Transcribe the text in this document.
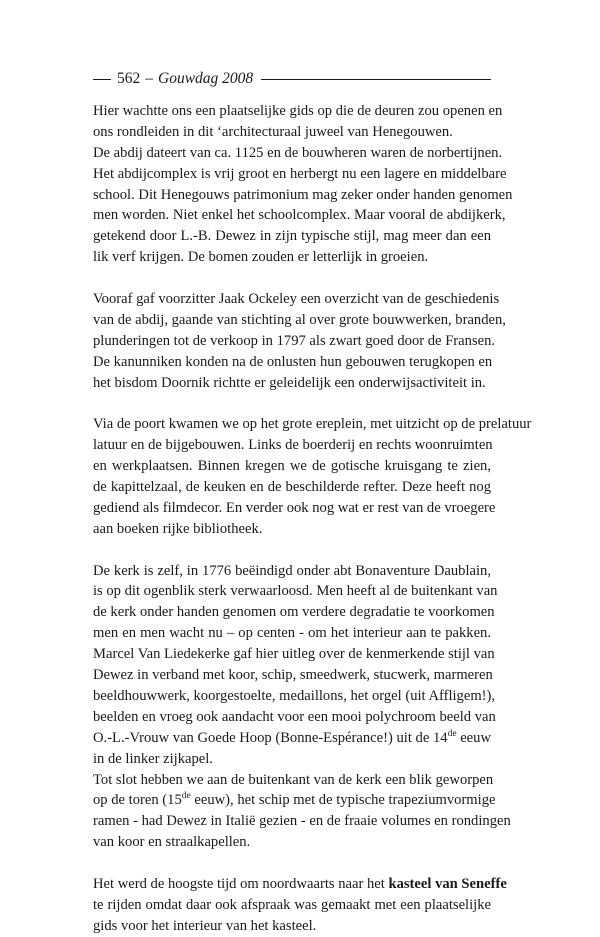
562 – Gouwdag 2008

Hier wachtte ons een plaatselijke gids op die de deuren zou openen en
ons rondleiden in dit ‘architecturaal juweel van Henegouwen.
De abdij dateert van ca. 1125 en de bouwheren waren de norbertijnen.
Het abdijcomplex is vrij groot en herbergt nu een lagere en middelbare
school. Dit Henegouws patrimonium mag zeker onder handen genomen
men worden. Niet enkel het schoolcomplex. Maar vooral de abdijkerk,
getekend door L.-B. Dewez in zijn typische stijl, mag meer dan een
lik verf krijgen. De bomen zouden er letterlijk in groeien.

Vooraf gaf voorzitter Jaak Ockeley een overzicht van de geschiedenis
van de abdij, gaande van stichting al over grote bouwwerken, branden,
plunderingen tot de verkoop in 1797 als zwart goed door de Fransen.
De kanunniken konden na de onlusten hun gebouwen terugkopen en
het bisdom Doornik richtte er geleidelijk een onderwijsactiviteit in.

Via de poort kwamen we op het grote ereplein, met uitzicht op de prelatuur
latuur en de bijgebouwen. Links de boerderij en rechts woonruimten
en werkplaatsen. Binnen kregen we de gotische kruisgang te zien,
de kapittelzaal, de keuken en de beschilderde refter. Deze heeft nog
gediend als filmdecor. En verder ook nog wat er rest van de vroegere
aan boeken rijke bibliotheek.

De kerk is zelf, in 1776 beëindigd onder abt Bonaventure Daublain,
is op dit ogenblik sterk verwaarloosd. Men heeft al de buitenkant van
de kerk onder handen genomen om verdere degradatie te voorkomen
men en men wacht nu – op centen - om het interieur aan te pakken.
Marcel Van Liedekerke gaf hier uitleg over de kenmerkende stijl van
Dewez in verband met koor, schip, smeedwerk, stucwerk, marmeren
beeldhouwwerk, koorgestoelte, medaillons, het orgel (uit Affligem!),
beelden en vroeg ook aandacht voor een mooi polychroom beeld van
O.-L.-Vrouw van Goede Hoop (Bonne-Espérance!) uit de 14de eeuw
in de linker zijkapel.
Tot slot hebben we aan de buitenkant van de kerk een blik geworpen
op de toren (15de eeuw), het schip met de typische trapeziumvormige
ramen - had Dewez in Italië gezien - en de fraaie volumes en rondingen
van koor en straalkapellen.

Het werd de hoogste tijd om noordwaarts naar het kasteel van Seneffe
te rijden omdat daar ook afspraak was gemaakt met een plaatselijke
gids voor het interieur van het kasteel.
